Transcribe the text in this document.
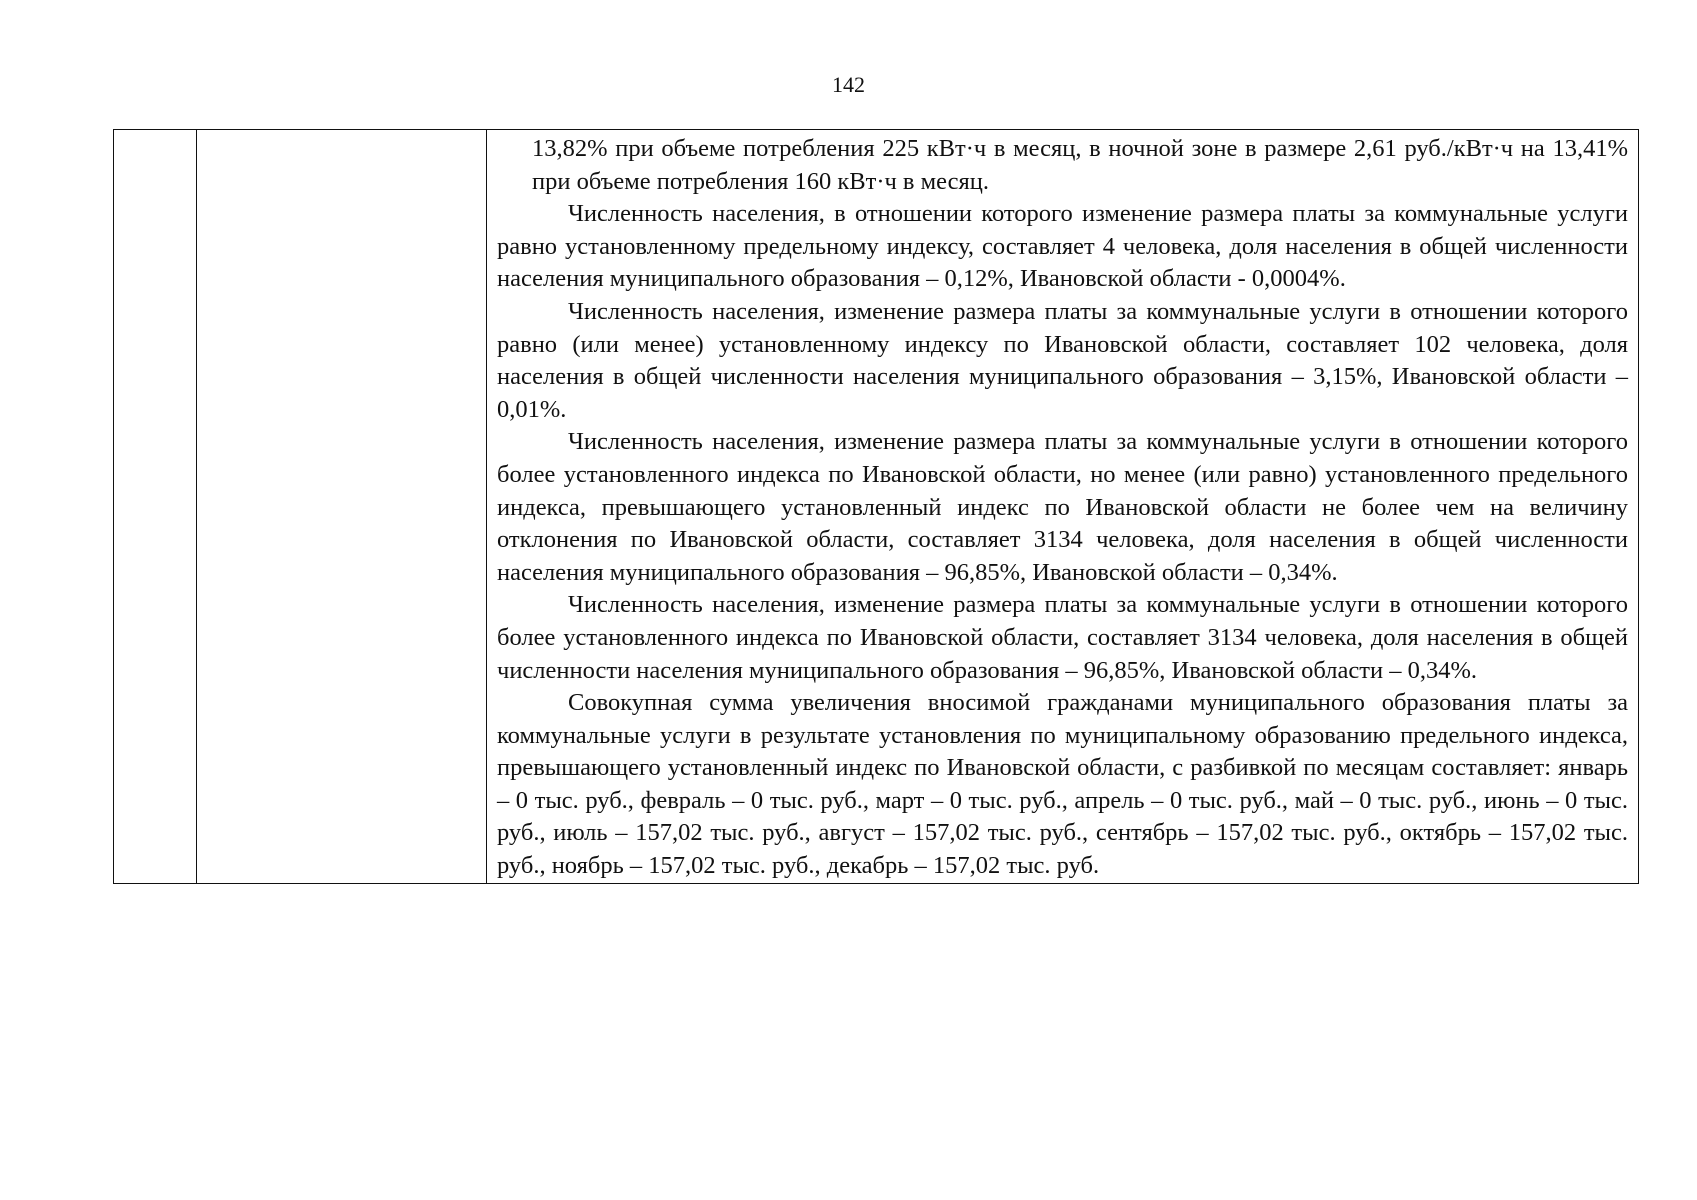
142

13,82% при объеме потребления 225 кВт·ч в месяц, в ночной зоне в размере 2,61 руб./кВт·ч на 13,41% при объеме потребления 160 кВт·ч в месяц.

Численность населения, в отношении которого изменение размера платы за коммунальные услуги равно установленному предельному индексу, составляет 4 человека, доля населения в общей численности населения муниципального образования – 0,12%, Ивановской области - 0,0004%.

Численность населения, изменение размера платы за коммунальные услуги в отношении которого равно (или менее) установленному индексу по Ивановской области, составляет 102 человека, доля населения в общей численности населения муниципального образования – 3,15%, Ивановской области – 0,01%.

Численность населения, изменение размера платы за коммунальные услуги в отношении которого более установленного индекса по Ивановской области, но менее (или равно) установленного предельного индекса, превышающего установленный индекс по Ивановской области не более чем на величину отклонения по Ивановской области, составляет 3134 человека, доля населения в общей численности населения муниципального образования – 96,85%, Ивановской области – 0,34%.

Численность населения, изменение размера платы за коммунальные услуги в отношении которого более установленного индекса по Ивановской области, составляет 3134 человека, доля населения в общей численности населения муниципального образования – 96,85%, Ивановской области – 0,34%.

Совокупная сумма увеличения вносимой гражданами муниципального образования платы за коммунальные услуги в результате установления по муниципальному образованию предельного индекса, превышающего установленный индекс по Ивановской области, с разбивкой по месяцам составляет: январь – 0 тыс. руб., февраль – 0 тыс. руб., март – 0 тыс. руб., апрель – 0 тыс. руб., май – 0 тыс. руб., июнь – 0 тыс. руб., июль – 157,02 тыс. руб., август – 157,02 тыс. руб., сентябрь – 157,02 тыс. руб., октябрь – 157,02 тыс. руб., ноябрь – 157,02 тыс. руб., декабрь – 157,02 тыс. руб.
